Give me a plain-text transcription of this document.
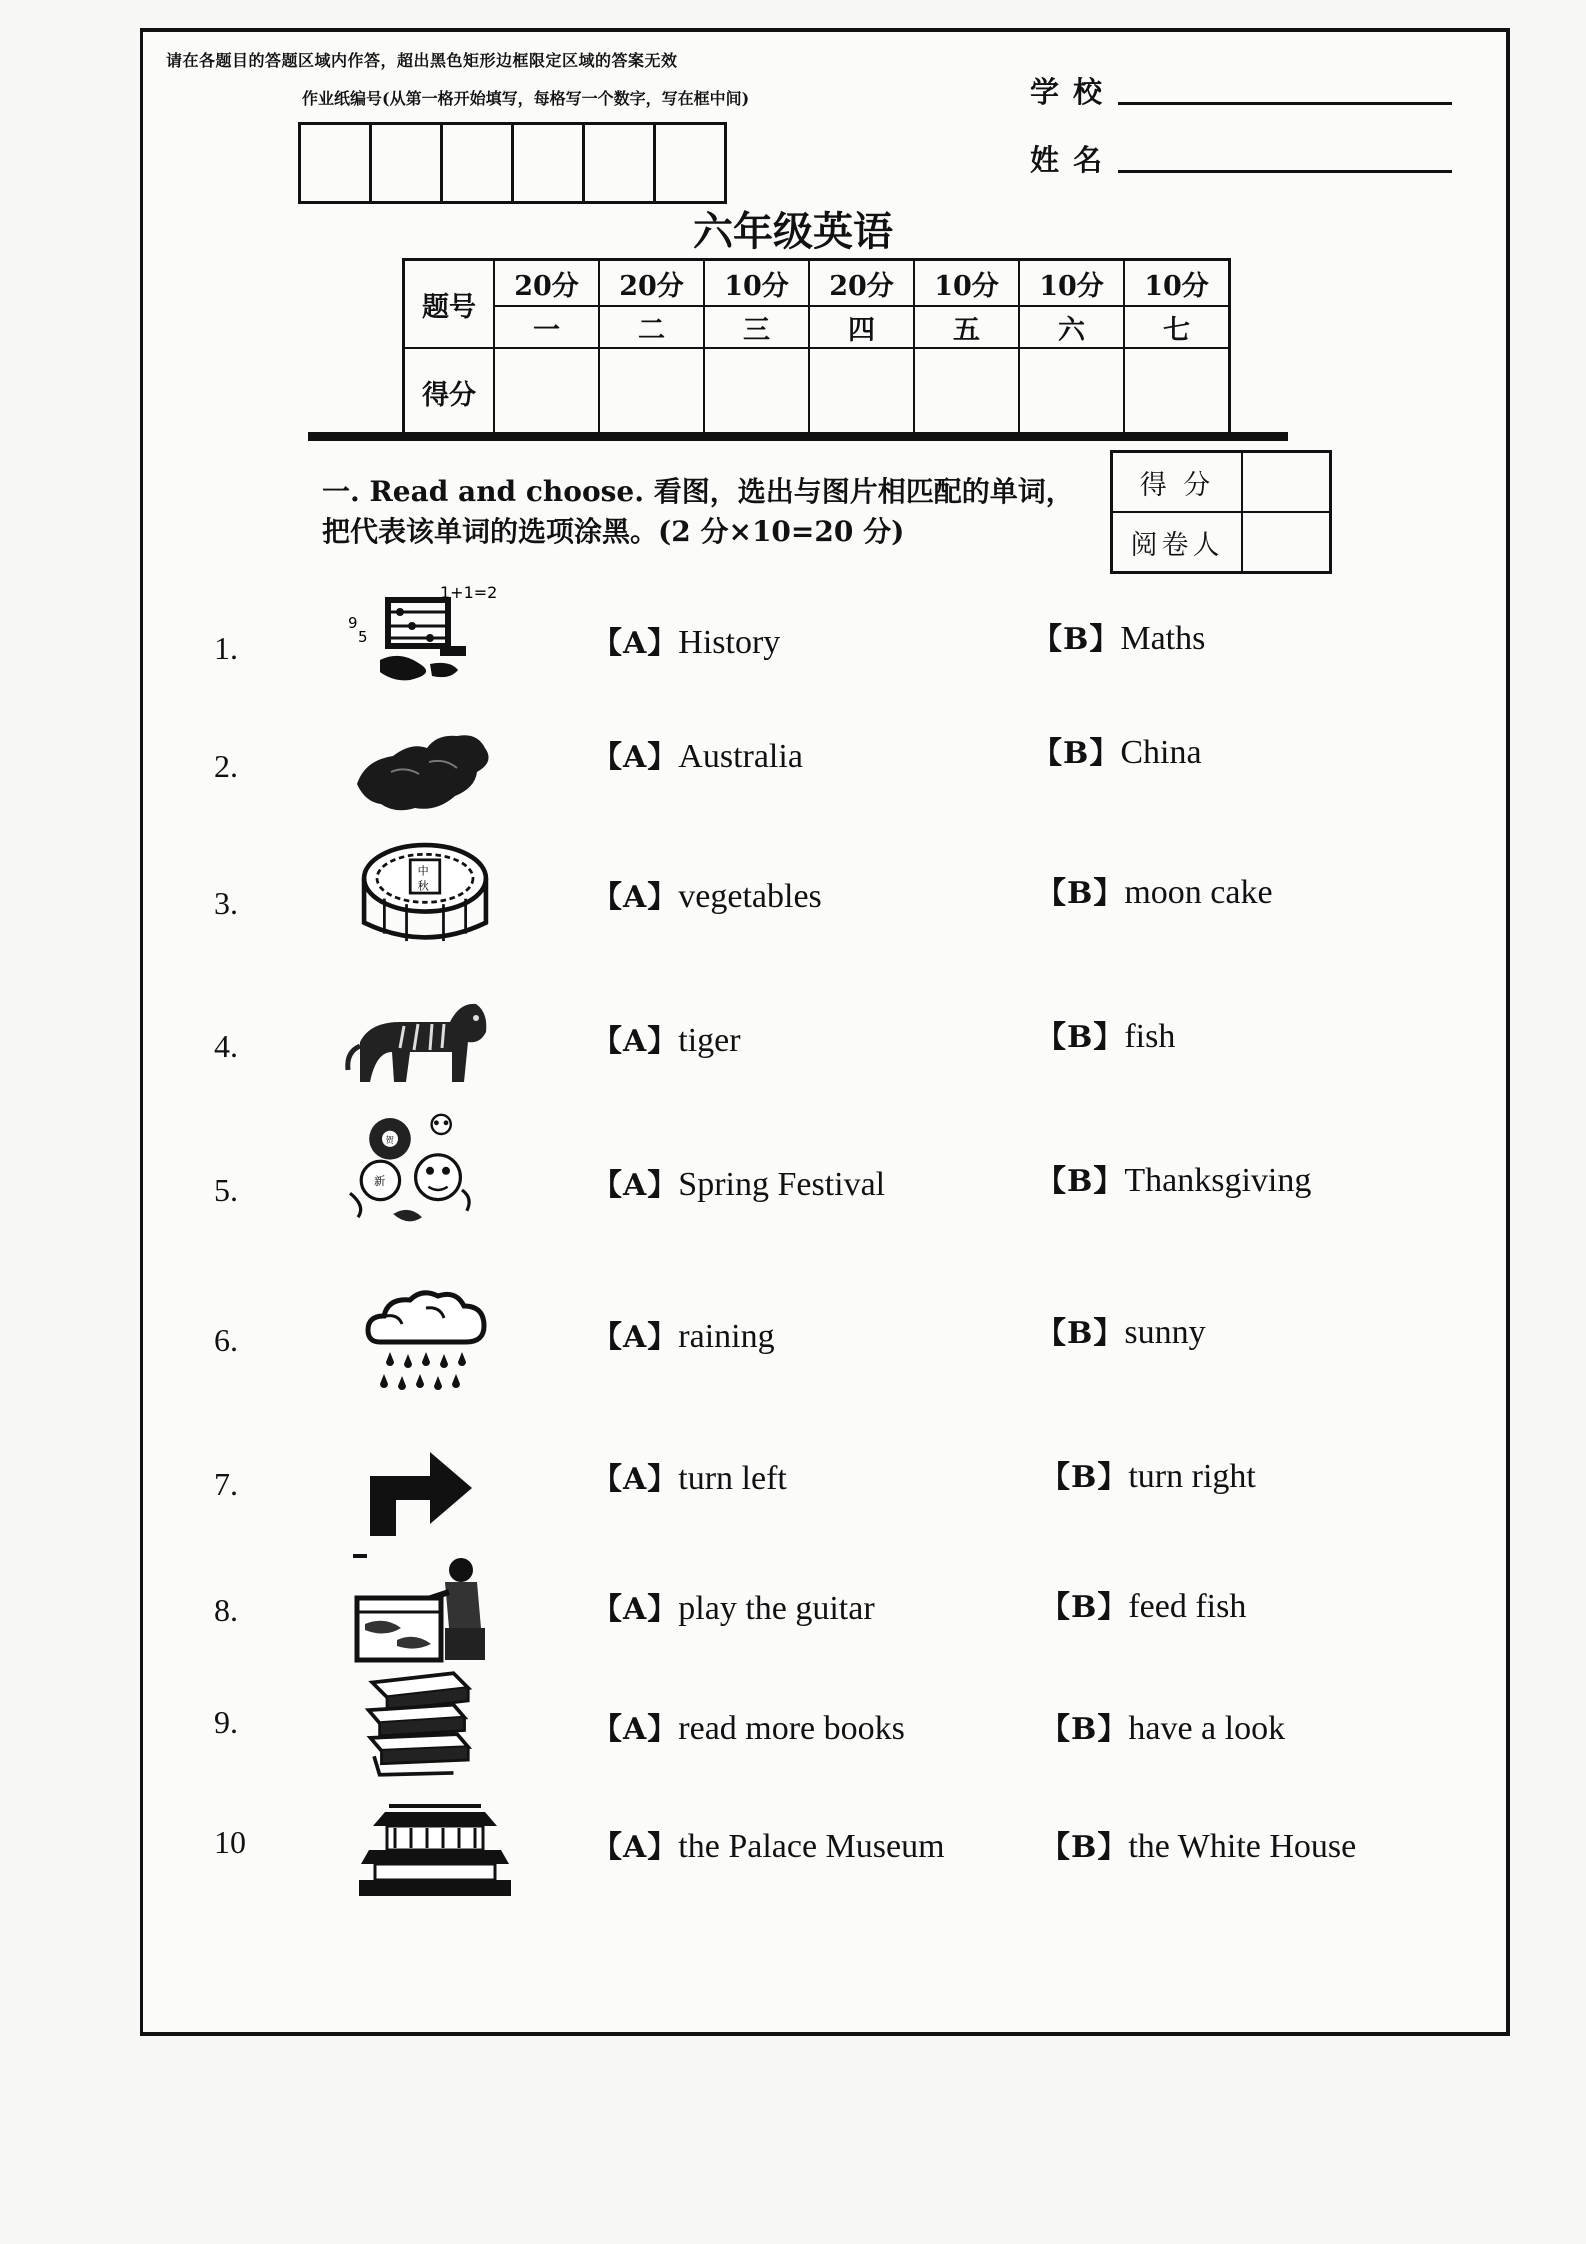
请在各题目的答题区域内作答，超出黑色矩形边框限定区域的答案无效
作业纸编号(从第一格开始填写，每格写一个数字，写在框中间)	学校
姓名
六年级英语
题号	20分	20分	10分	20分	10分	10分	10分
	一	二	三	四	五	六	七
得分							
一. Read and choose. 看图，选出与图片相匹配的单词，
把代表该单词的选项涂黑。(2 分×10=20 分)
得 分	
阅卷人	
1.
1+1=2
9
5	【A】History	【B】Maths
2.	【A】Australia	【B】China
3.
中
秋	【A】vegetables	【B】moon cake
4.	【A】tiger	【B】fish
5.
贺
新	【A】Spring Festival	【B】Thanksgiving
6.	【A】raining	【B】sunny
7.	【A】turn left	【B】turn right
8.	【A】play the guitar	【B】feed fish
9.	【A】read more books	【B】have a look
10	【A】the Palace Museum	【B】the White House
